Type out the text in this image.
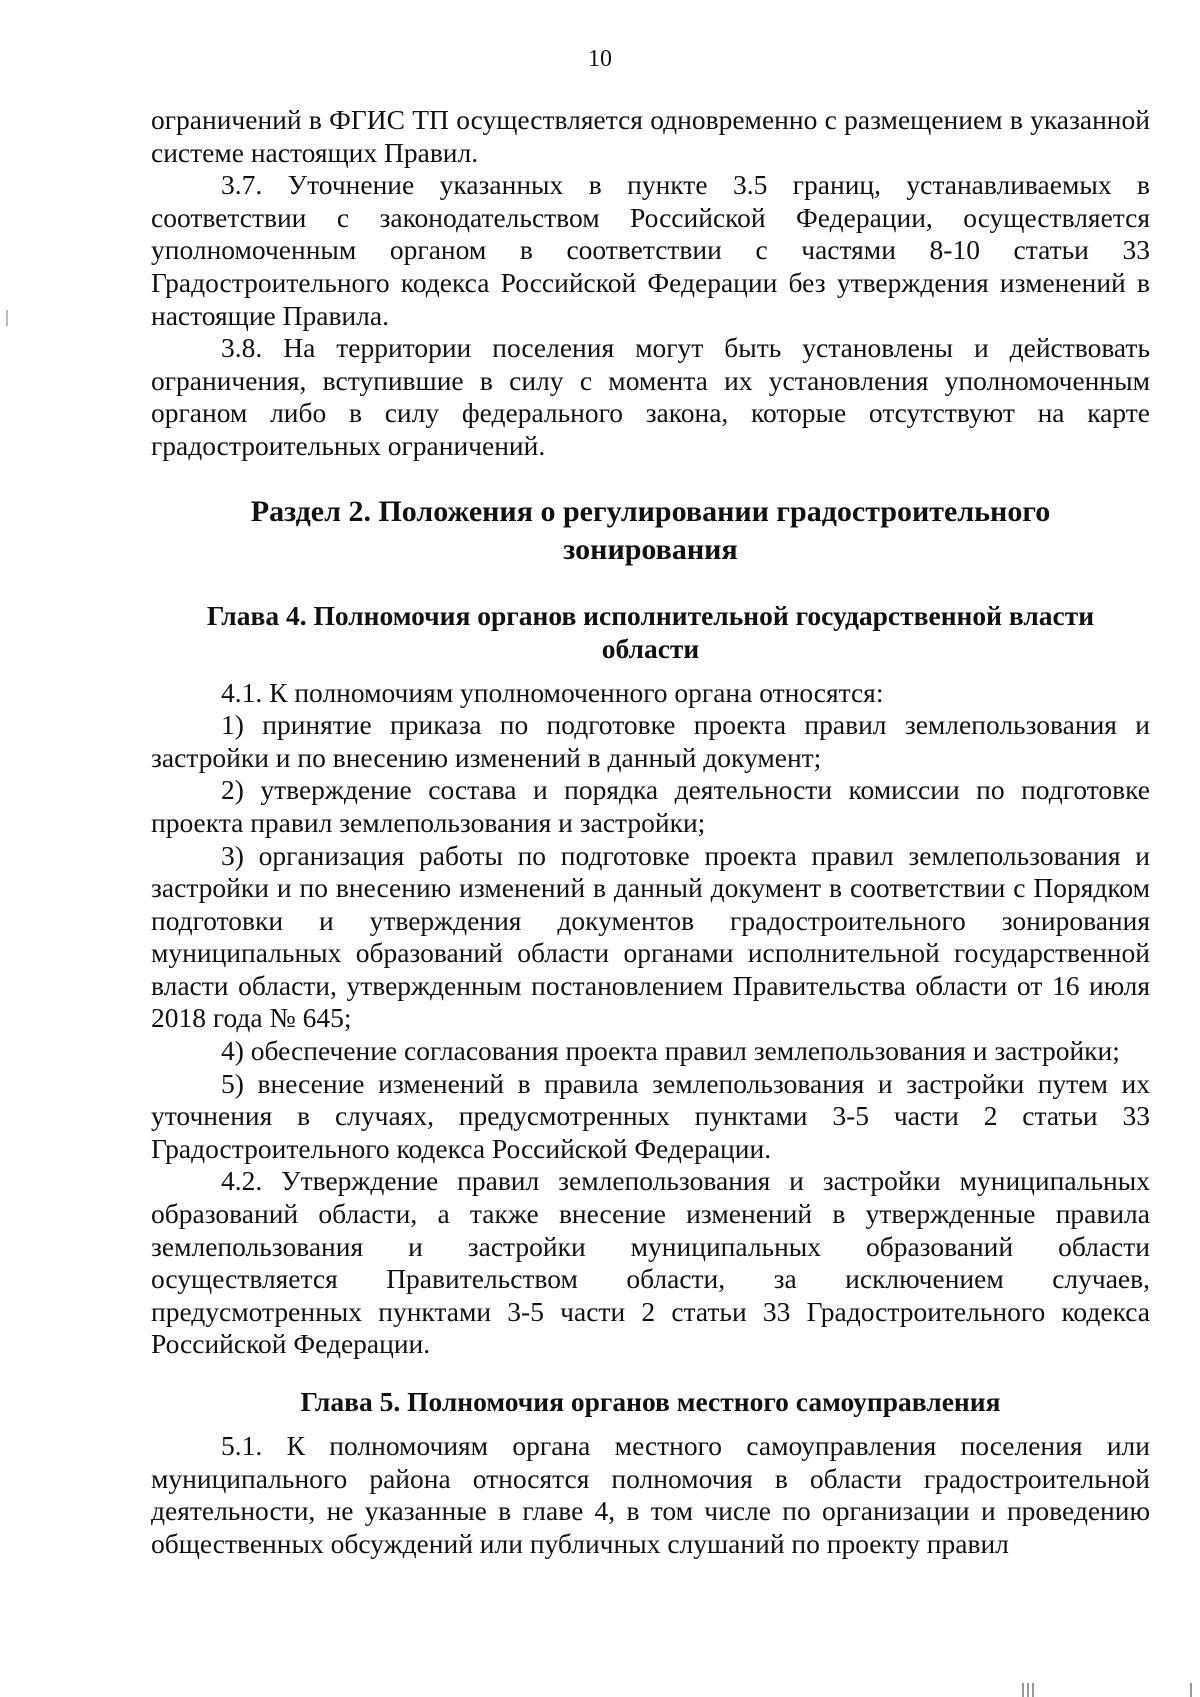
10

ограничений в ФГИС ТП осуществляется одновременно с размещением в указанной системе настоящих Правил.

3.7. Уточнение указанных в пункте 3.5 границ, устанавливаемых в соответствии с законодательством Российской Федерации, осуществляется уполномоченным органом в соответствии с частями 8-10 статьи 33 Градостроительного кодекса Российской Федерации без утверждения изменений в настоящие Правила.

3.8. На территории поселения могут быть установлены и действовать ограничения, вступившие в силу с момента их установления уполномоченным органом либо в силу федерального закона, которые отсутствуют на карте градостроительных ограничений.

Раздел 2. Положения о регулировании градостроительного
зонирования
Глава 4. Полномочия органов исполнительной государственной власти
области

4.1. К полномочиям уполномоченного органа относятся:

1) принятие приказа по подготовке проекта правил землепользования и застройки и по внесению изменений в данный документ;

2) утверждение состава и порядка деятельности комиссии по подготовке проекта правил землепользования и застройки;

3) организация работы по подготовке проекта правил землепользования и застройки и по внесению изменений в данный документ в соответствии с Порядком подготовки и утверждения документов градостроительного зонирования муниципальных образований области органами исполнительной государственной власти области, утвержденным постановлением Правительства области от 16 июля 2018 года № 645;

4) обеспечение согласования проекта правил землепользования и застройки;

5) внесение изменений в правила землепользования и застройки путем их уточнения в случаях, предусмотренных пунктами 3-5 части 2 статьи 33 Градостроительного кодекса Российской Федерации.

4.2. Утверждение правил землепользования и застройки муниципальных образований области, а также внесение изменений в утвержденные правила землепользования и застройки муниципальных образований области осуществляется Правительством области, за исключением случаев, предусмотренных пунктами 3-5 части 2 статьи 33 Градостроительного кодекса Российской Федерации.

Глава 5. Полномочия органов местного самоуправления

5.1. К полномочиям органа местного самоуправления поселения или муниципального района относятся полномочия в области градостроительной деятельности, не указанные в главе 4, в том числе по организации и проведению общественных обсуждений или публичных слушаний по проекту правил
